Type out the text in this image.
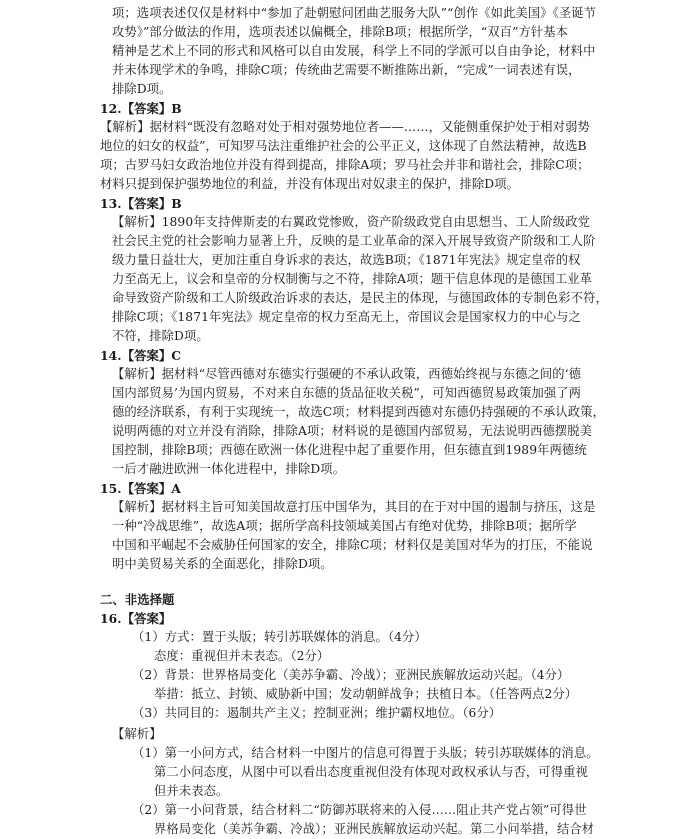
项；选项表述仅仅是材料中“参加了赴朝慰问团曲艺服务大队”“创作《如此美国》《圣诞节
攻势》”部分做法的作用，选项表述以偏概全，排除B项；根据所学，“双百”方针基本
精神是艺术上不同的形式和风格可以自由发展，科学上不同的学派可以自由争论，材料中
并未体现学术的争鸣，排除C项；传统曲艺需要不断推陈出新，“完成”一词表述有误，
排除D项。
12.【答案】B
【解析】据材料“既没有忽略对处于相对强势地位者——……，又能侧重保护处于相对弱势
地位的妇女的权益”，可知罗马法注重维护社会的公平正义，这体现了自然法精神，故选B
项；古罗马妇女政治地位并没有得到提高，排除A项；罗马社会并非和谐社会，排除C项；
材料只提到保护强势地位的利益，并没有体现出对奴隶主的保护，排除D项。
13.【答案】B
【解析】1890年支持俾斯麦的右翼政党惨败，资产阶级政党自由思想当、工人阶级政党
社会民主党的社会影响力显著上升，反映的是工业革命的深入开展导致资产阶级和工人阶
级力量日益壮大，更加注重自身诉求的表达，故选B项；《1871年宪法》规定皇帝的权
力至高无上，议会和皇帝的分权制衡与之不符，排除A项；题干信息体现的是德国工业革
命导致资产阶级和工人阶级政治诉求的表达，是民主的体现，与德国政体的专制色彩不符，
排除C项；《1871年宪法》规定皇帝的权力至高无上，帝国议会是国家权力的中心与之
不符，排除D项。
14.【答案】C
【解析】据材料“尽管西德对东德实行强硬的不承认政策，西德始终视与东德之间的‘德
国内部贸易’为国内贸易，不对来自东德的货品征收关税”，可知西德贸易政策加强了两
德的经济联系，有利于实现统一，故选C项；材料提到西德对东德仍持强硬的不承认政策，
说明两德的对立并没有消除，排除A项；材料说的是德国内部贸易，无法说明西德摆脱美
国控制，排除B项；西德在欧洲一体化进程中起了重要作用，但东德直到1989年两德统
一后才融进欧洲一体化进程中，排除D项。
15.【答案】A
【解析】据材料主旨可知美国故意打压中国华为，其目的在于对中国的遏制与挤压，这是
一种“冷战思维”，故选A项；据所学高科技领域美国占有绝对优势，排除B项；据所学
中国和平崛起不会威胁任何国家的安全，排除C项；材料仅是美国对华为的打压，不能说
明中美贸易关系的全面恶化，排除D项。
二、非选择题
16.【答案】
（1）方式：置于头版；转引苏联媒体的消息。（4分）
态度：重视但并未表态。（2分）
（2）背景：世界格局变化（美苏争霸、冷战）；亚洲民族解放运动兴起。（4分）
举措：抵立、封锁、威胁新中国；发动朝鲜战争；扶植日本。（任答两点2分）
（3）共同目的：遏制共产主义；控制亚洲；维护霸权地位。（6分）
【解析】
（1）第一小问方式，结合材料一中图片的信息可得置于头版；转引苏联媒体的消息。
第二小问态度，从图中可以看出态度重视但没有体现对政权承认与否，可得重视
但并未表态。
（2）第一小问背景，结合材料二“防御苏联将来的入侵……阻止共产党占领”可得世
界格局变化（美苏争霸、冷战）；亚洲民族解放运动兴起。第二小问举措，结合材
